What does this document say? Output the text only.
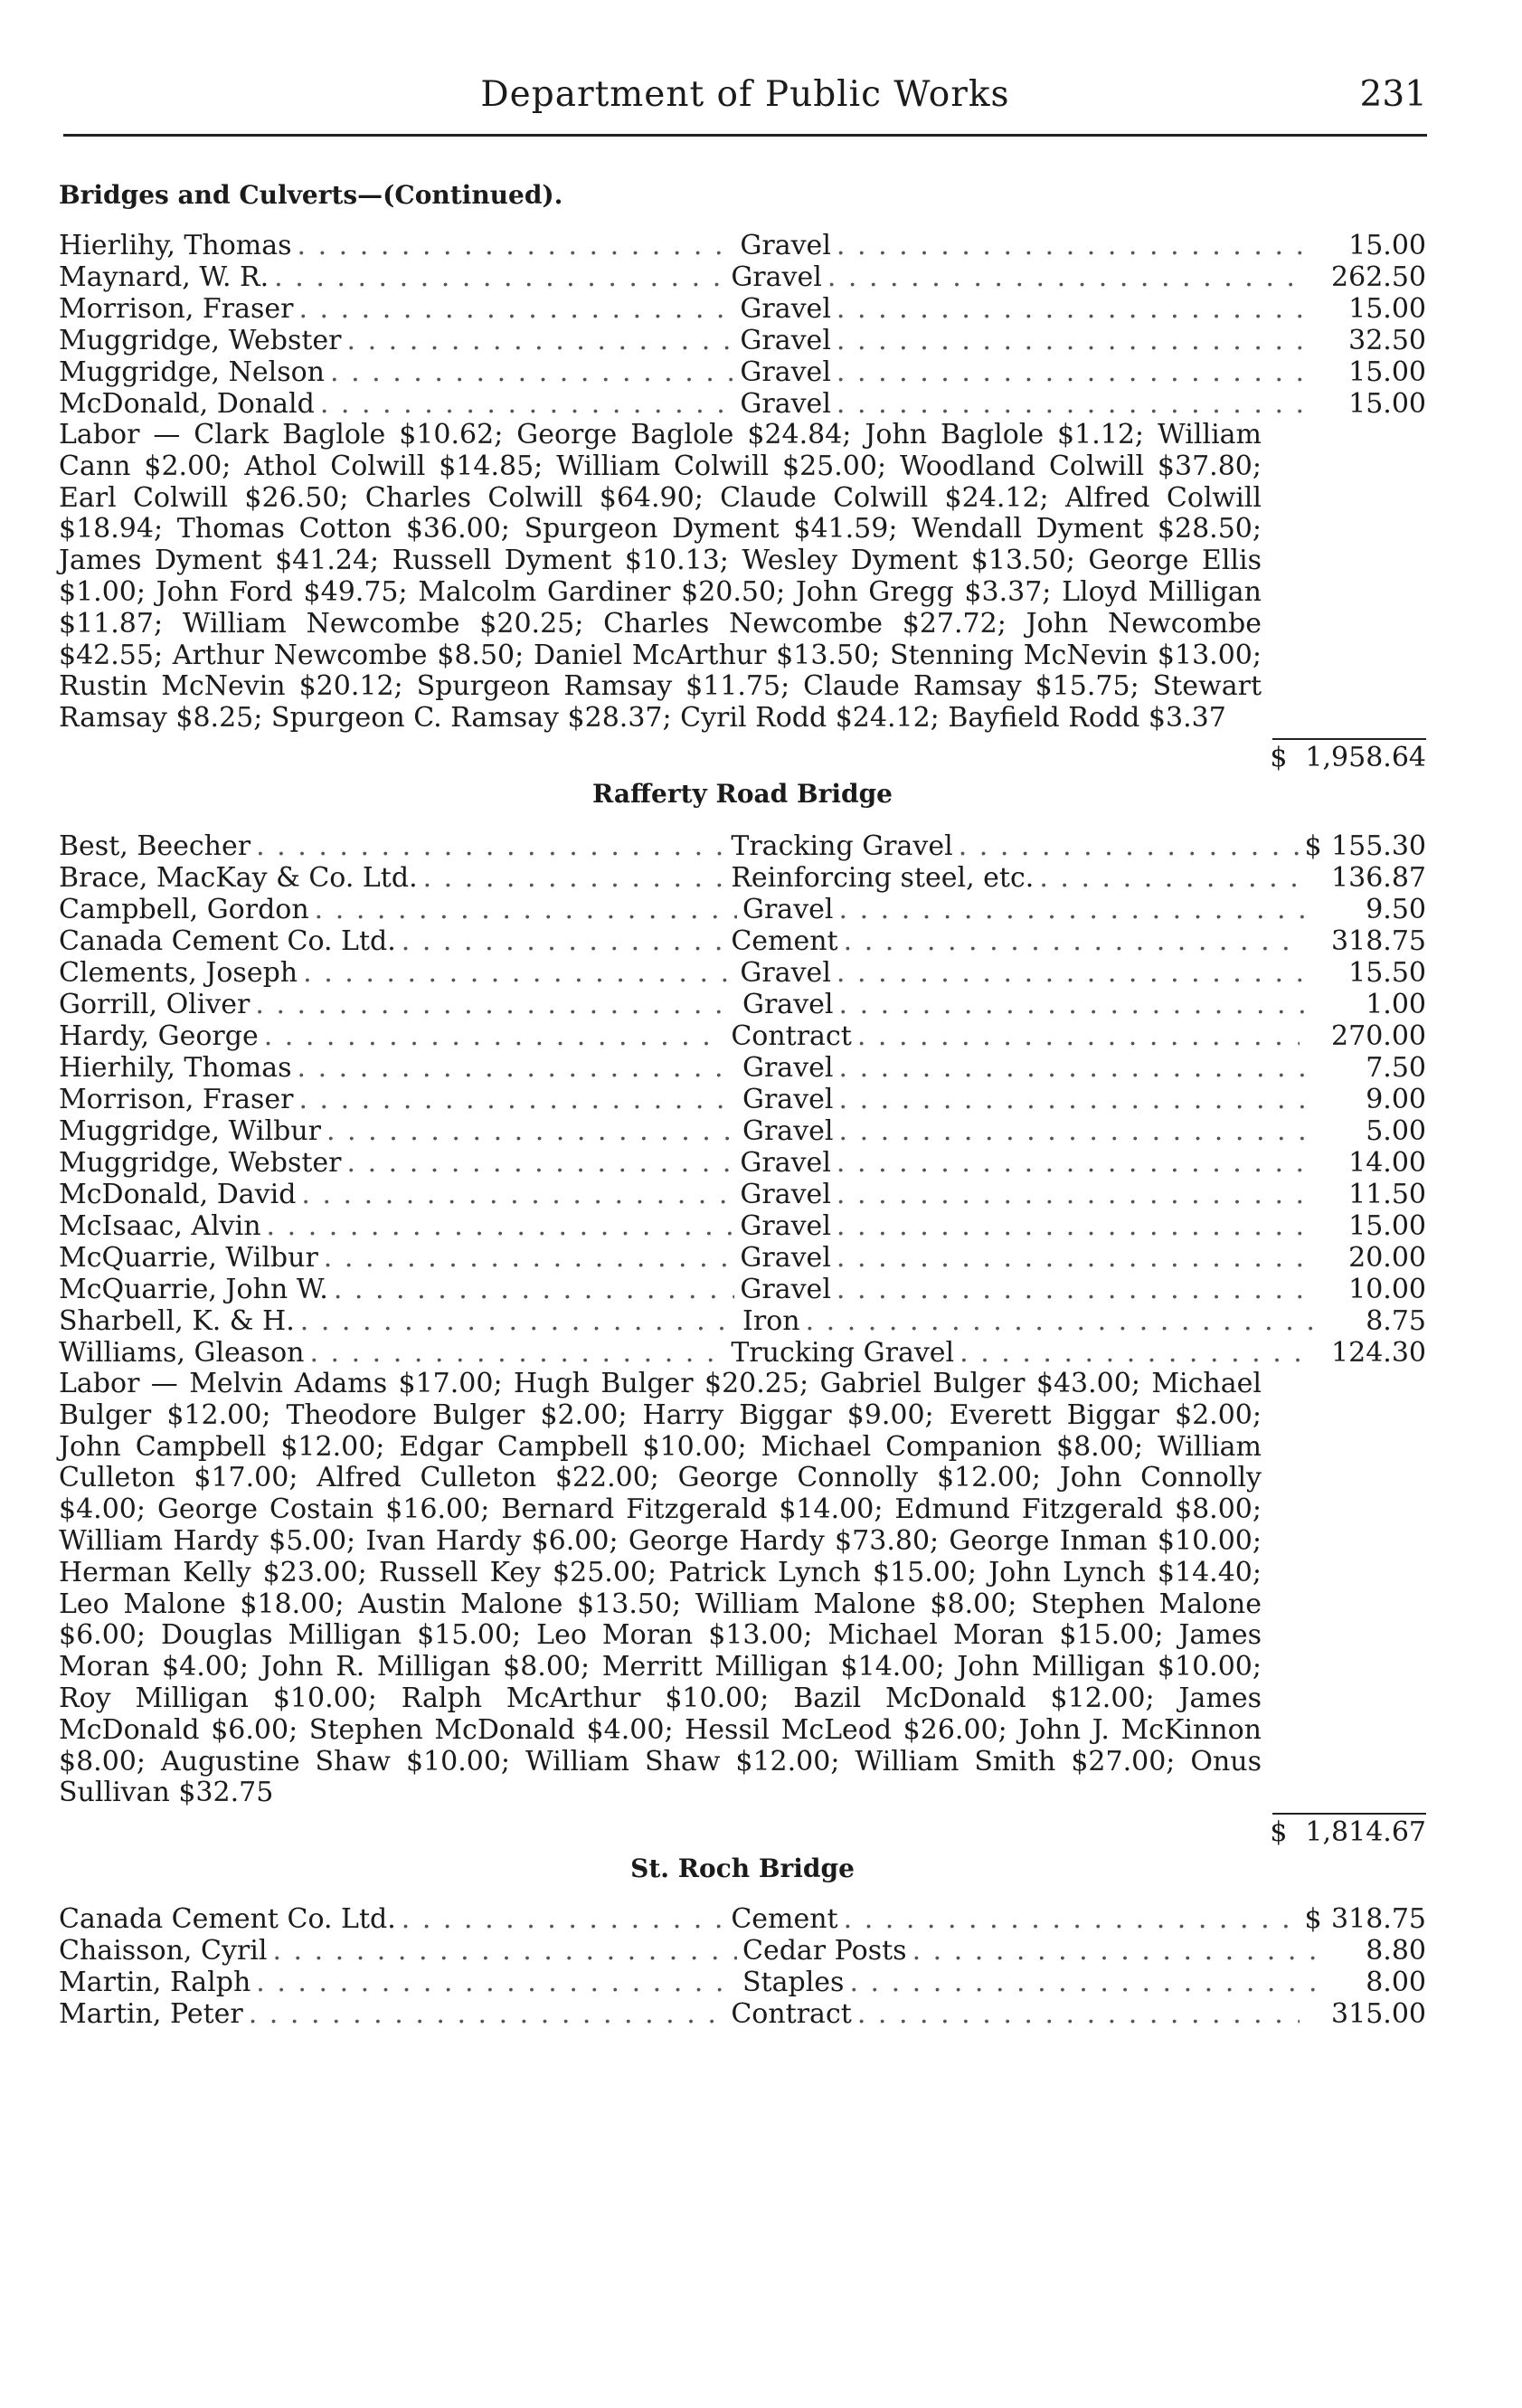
Department of Public Works	231
Bridges and Culverts—(Continued).
Hierlihy, Thomas . . .	Gravel . . .	15.00
Maynard, W. R. . . .	Gravel . . .	262.50
Morrison, Fraser . . .	Gravel . . .	15.00
Muggridge, Webster . . .	Gravel . . .	32.50
Muggridge, Nelson . . .	Gravel . . .	15.00
McDonald, Donald . . .	Gravel . . .	15.00

Labor — Clark Baglole $10.62; George Baglole $24.84; John Baglole $1.12; William Cann $2.00; Athol Colwill $14.85; William Colwill $25.00; Woodland Colwill $37.80; Earl Colwill $26.50; Charles Colwill $64.90; Claude Colwill $24.12; Alfred Colwill $18.94; Thomas Cotton $36.00; Spurgeon Dyment $41.59; Wendall Dyment $28.50; James Dyment $41.24; Russell Dyment $10.13; Wesley Dyment $13.50; George Ellis $1.00; John Ford $49.75; Malcolm Gardiner $20.50; John Gregg $3.37; Lloyd Milligan $11.87; William Newcombe $20.25; Charles Newcombe $27.72; John Newcombe $42.55; Arthur Newcombe $8.50; Daniel McArthur $13.50; Stenning McNevin $13.00; Rustin McNevin $20.12; Spurgeon Ramsay $11.75; Claude Ramsay $15.75; Stewart Ramsay $8.25; Spurgeon C. Ramsay $28.37; Cyril Rodd $24.12; Bayfield Rodd $3.37

$ 1,958.64
Rafferty Road Bridge
Best, Beecher . . .	Tracking Gravel . . .	$ 155.30
Brace, MacKay & Co. Ltd. . . .	Reinforcing steel, etc. . . .	136.87
Campbell, Gordon . . .	Gravel . . .	9.50
Canada Cement Co. Ltd. . . .	Cement . . .	318.75
Clements, Joseph . . .	Gravel . . .	15.50
Gorrill, Oliver . . .	Gravel . . .	1.00
Hardy, George . . .	Contract . . .	270.00
Hierhily, Thomas . . .	Gravel . . .	7.50
Morrison, Fraser . . .	Gravel . . .	9.00
Muggridge, Wilbur . . .	Gravel . . .	5.00
Muggridge, Webster . . .	Gravel . . .	14.00
McDonald, David . . .	Gravel . . .	11.50
McIsaac, Alvin . . .	Gravel . . .	15.00
McQuarrie, Wilbur . . .	Gravel . . .	20.00
McQuarrie, John W. . . .	Gravel . . .	10.00
Sharbell, K. & H. . . .	Iron . . .	8.75
Williams, Gleason . . .	Trucking Gravel . . .	124.30

Labor — Melvin Adams $17.00; Hugh Bulger $20.25; Gabriel Bulger $43.00; Michael Bulger $12.00; Theodore Bulger $2.00; Harry Biggar $9.00; Everett Biggar $2.00; John Campbell $12.00; Edgar Campbell $10.00; Michael Companion $8.00; William Culleton $17.00; Alfred Culleton $22.00; George Connolly $12.00; John Connolly $4.00; George Costain $16.00; Bernard Fitzgerald $14.00; Edmund Fitzgerald $8.00; William Hardy $5.00; Ivan Hardy $6.00; George Hardy $73.80; George Inman $10.00; Herman Kelly $23.00; Russell Key $25.00; Patrick Lynch $15.00; John Lynch $14.40; Leo Malone $18.00; Austin Malone $13.50; William Malone $8.00; Stephen Malone $6.00; Douglas Milligan $15.00; Leo Moran $13.00; Michael Moran $15.00; James Moran $4.00; John R. Milligan $8.00; Merritt Milligan $14.00; John Milligan $10.00; Roy Milligan $10.00; Ralph McArthur $10.00; Bazil McDonald $12.00; James McDonald $6.00; Stephen McDonald $4.00; Hessil McLeod $26.00; John J. McKinnon $8.00; Augustine Shaw $10.00; William Shaw $12.00; William Smith $27.00; Onus Sullivan $32.75

$ 1,814.67
St. Roch Bridge
Canada Cement Co. Ltd. . . .	Cement . . .	$ 318.75
Chaisson, Cyril . . .	Cedar Posts . . .	8.80
Martin, Ralph . . .	Staples . . .	8.00
Martin, Peter . . .	Contract . . .	315.00
